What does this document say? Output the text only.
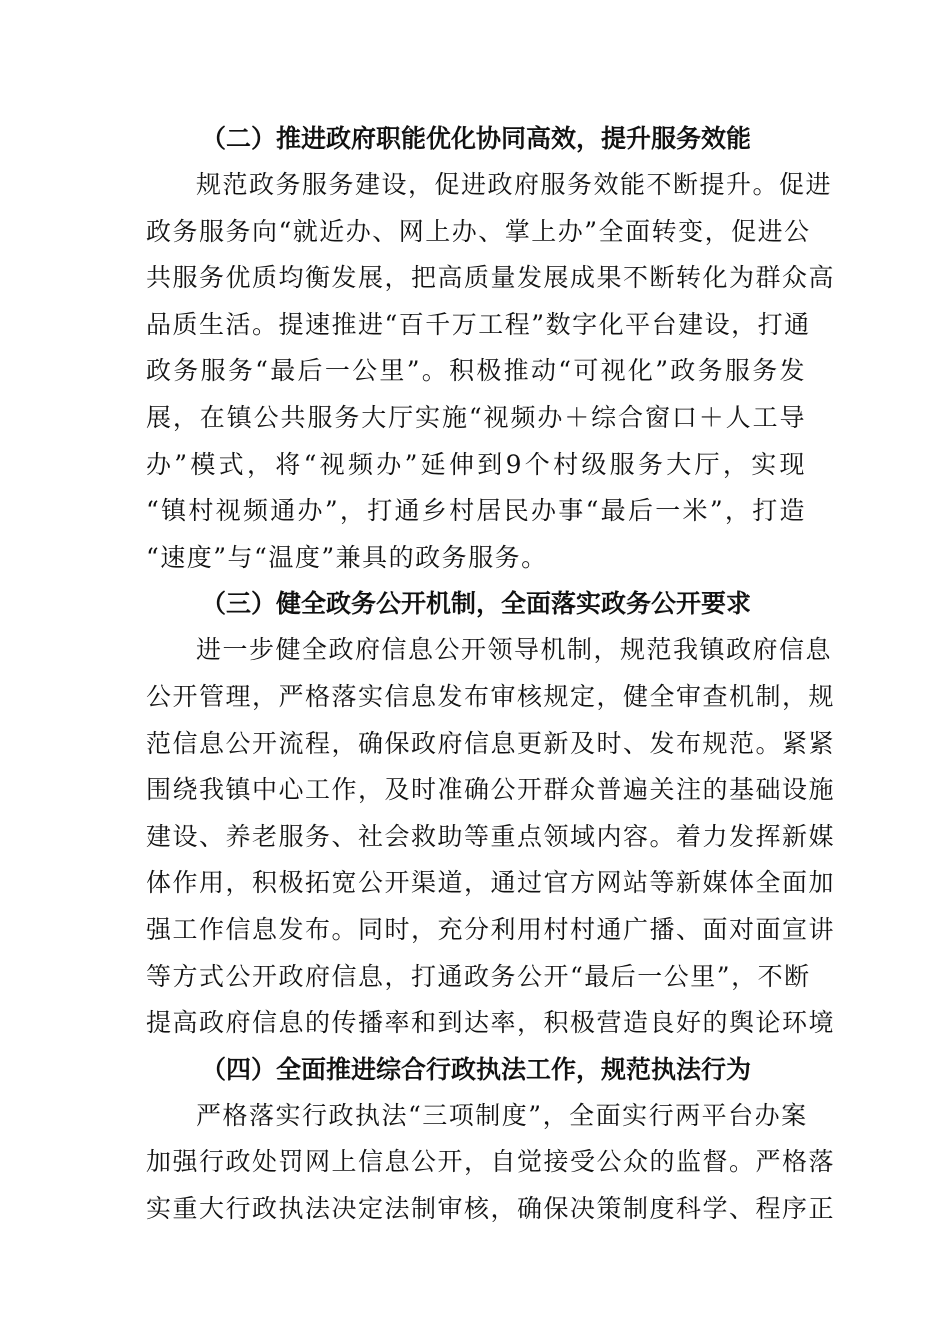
（二）推进政府职能优化协同高效，提升服务效能
规范政务服务建设，促进政府服务效能不断提升。促进
政务服务向“就近办、网上办、掌上办”全面转变，促进公
共服务优质均衡发展，把高质量发展成果不断转化为群众高
品质生活。提速推进“百千万工程”数字化平台建设，打通
政务服务“最后一公里”。积极推动“可视化”政务服务发
展，在镇公共服务大厅实施“视频办＋综合窗口＋人工导
办”模式，将“视频办”延伸到9个村级服务大厅，实现
“镇村视频通办”，打通乡村居民办事“最后一米”，打造
“速度”与“温度”兼具的政务服务。
（三）健全政务公开机制，全面落实政务公开要求
进一步健全政府信息公开领导机制，规范我镇政府信息
公开管理，严格落实信息发布审核规定，健全审查机制，规
范信息公开流程，确保政府信息更新及时、发布规范。紧紧
围绕我镇中心工作，及时准确公开群众普遍关注的基础设施
建设、养老服务、社会救助等重点领域内容。着力发挥新媒
体作用，积极拓宽公开渠道，通过官方网站等新媒体全面加
强工作信息发布。同时，充分利用村村通广播、面对面宣讲
等方式公开政府信息，打通政务公开“最后一公里”，不断
提高政府信息的传播率和到达率，积极营造良好的舆论环境
（四）全面推进综合行政执法工作，规范执法行为
严格落实行政执法“三项制度”，全面实行两平台办案
加强行政处罚网上信息公开，自觉接受公众的监督。严格落
实重大行政执法决定法制审核，确保决策制度科学、程序正
